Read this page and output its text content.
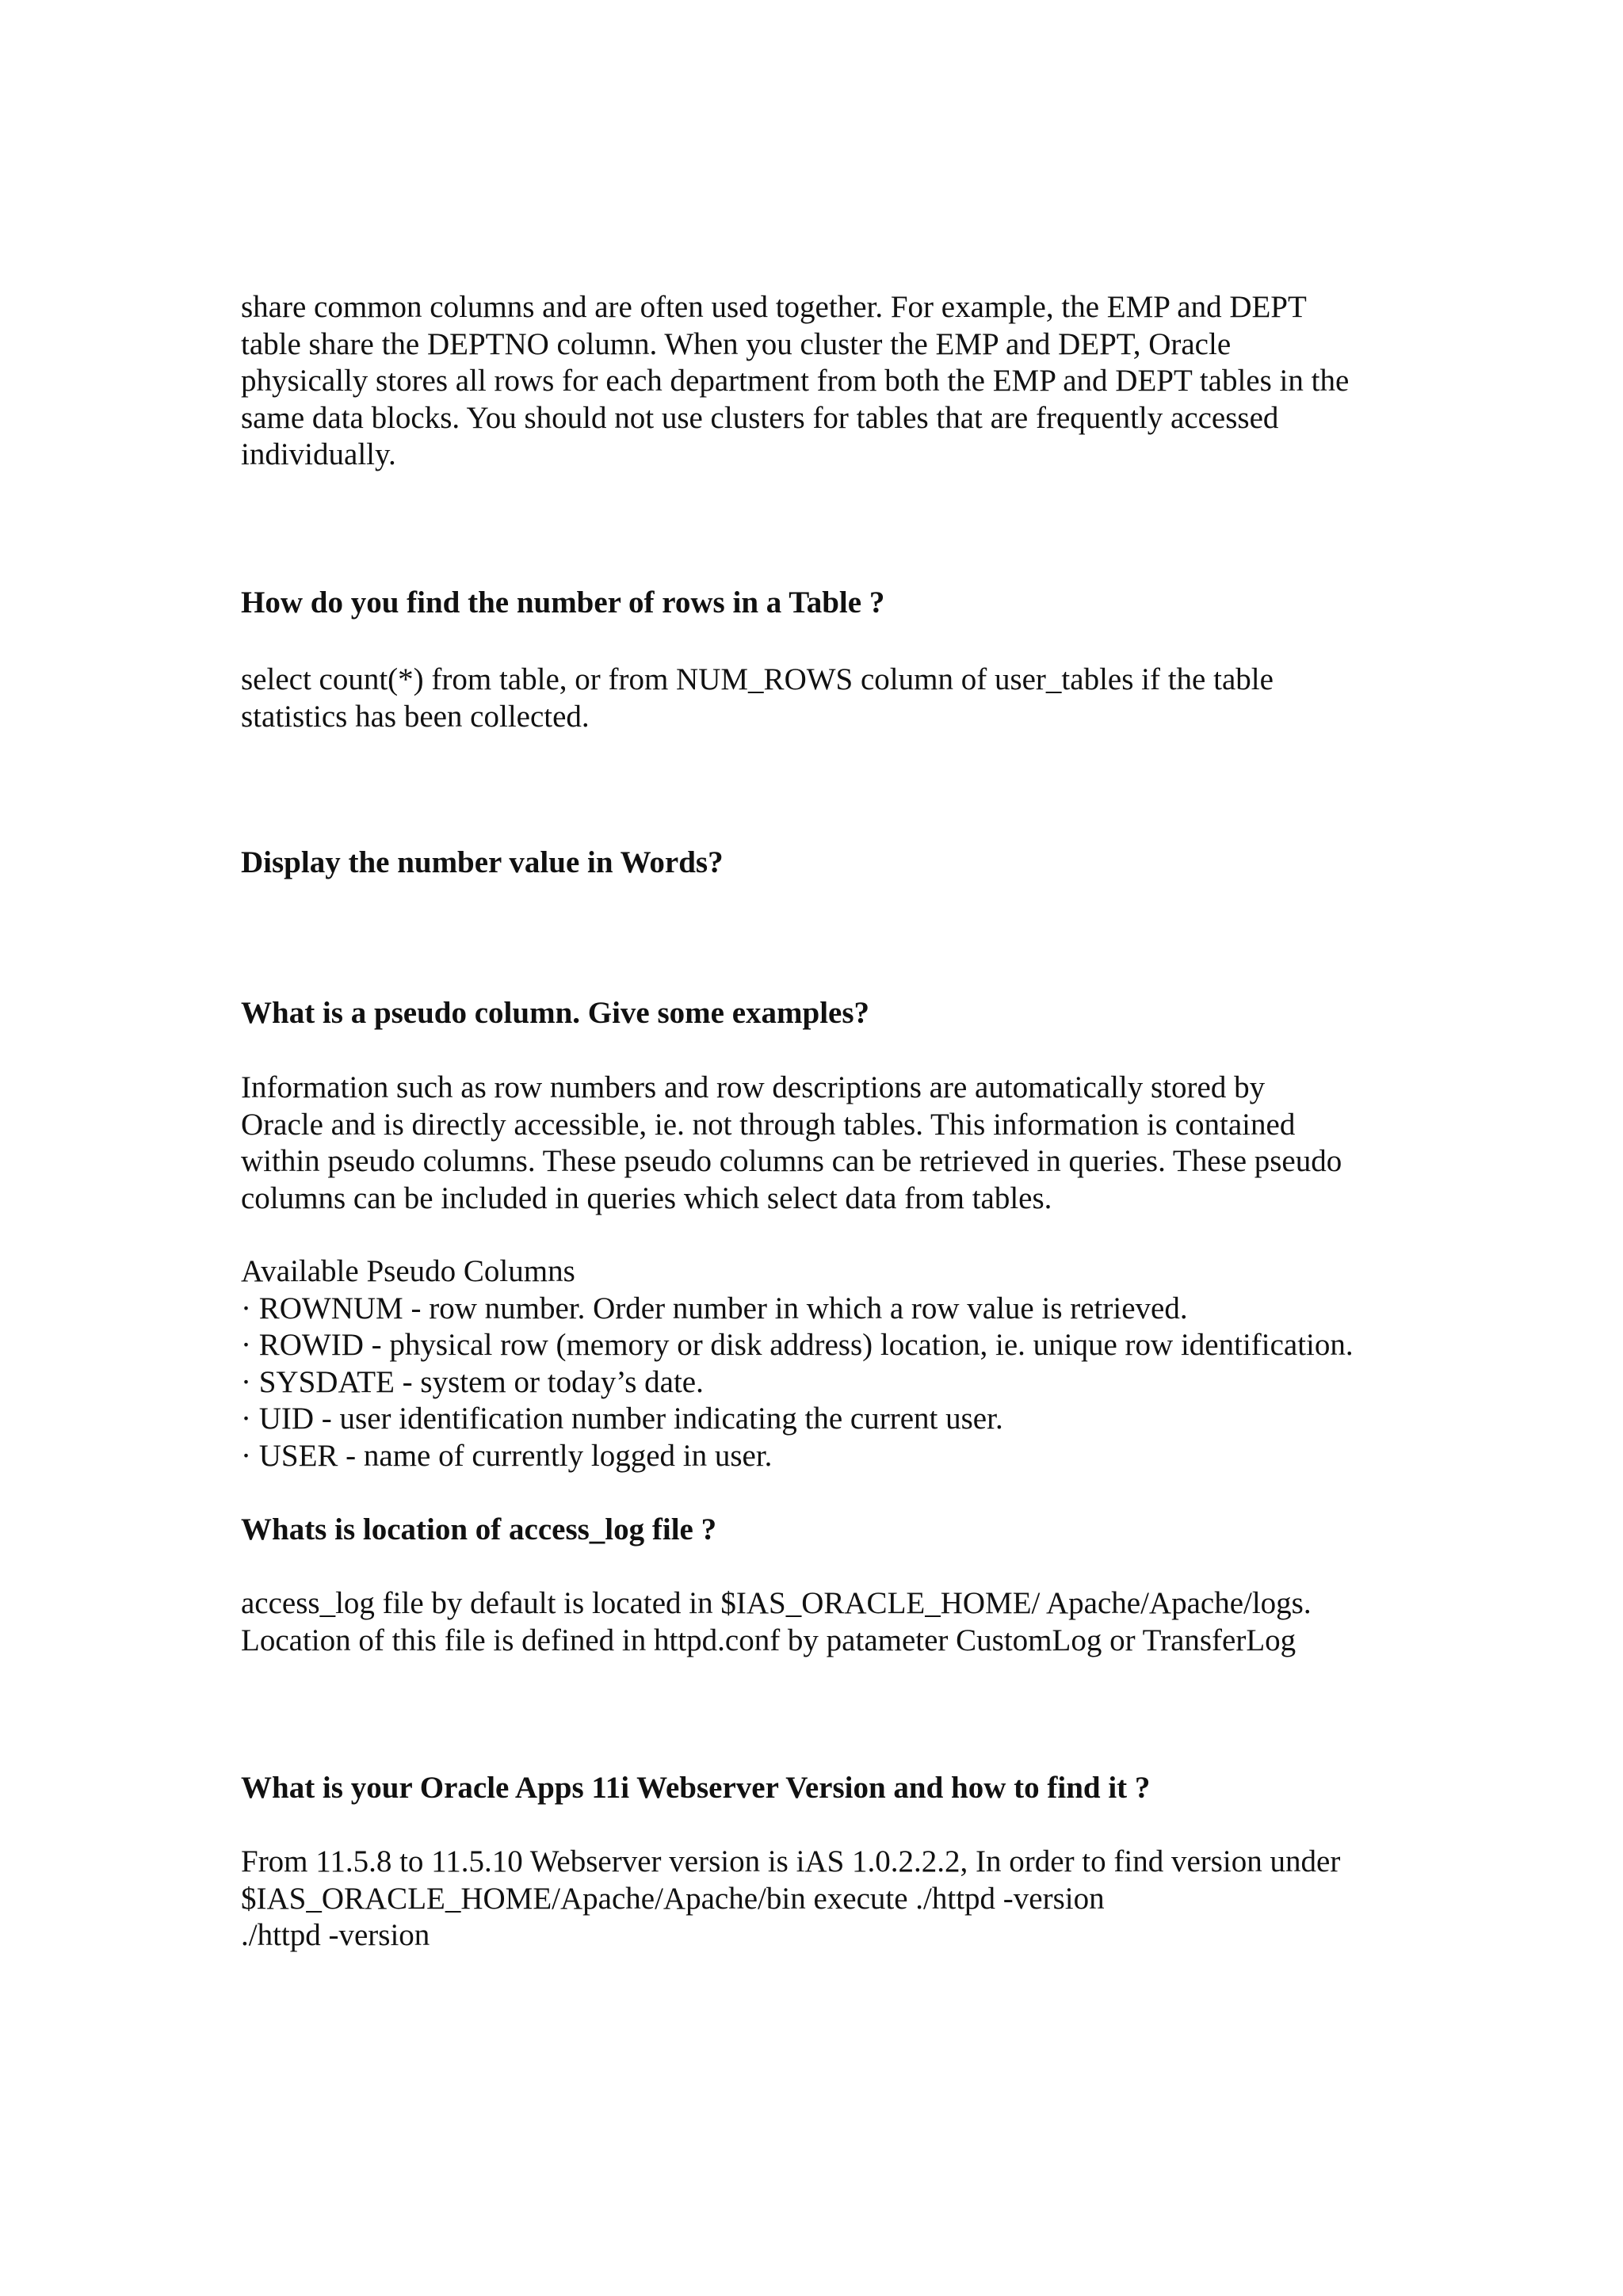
share common columns and are often used together. For example, the EMP and DEPT
table share the DEPTNO column. When you cluster the EMP and DEPT, Oracle
physically stores all rows for each department from both the EMP and DEPT tables in the
same data blocks. You should not use clusters for tables that are frequently accessed
individually.

How do you find the number of rows in a Table ?

select count(*) from table, or from NUM_ROWS column of user_tables if the table
statistics has been collected.

Display the number value in Words?

What is a pseudo column. Give some examples?

Information such as row numbers and row descriptions are automatically stored by
Oracle and is directly accessible, ie. not through tables. This information is contained
within pseudo columns. These pseudo columns can be retrieved in queries. These pseudo
columns can be included in queries which select data from tables.

Available Pseudo Columns
· ROWNUM - row number. Order number in which a row value is retrieved.
· ROWID - physical row (memory or disk address) location, ie. unique row identification.
· SYSDATE - system or today’s date.
· UID - user identification number indicating the current user.
· USER - name of currently logged in user.

Whats is location of access_log file ?

access_log file by default is located in $IAS_ORACLE_HOME/ Apache/Apache/logs.
Location of this file is defined in httpd.conf by patameter CustomLog or TransferLog

What is your Oracle Apps 11i Webserver Version and how to find it ?

From 11.5.8 to 11.5.10 Webserver version is iAS 1.0.2.2.2, In order to find version under
$IAS_ORACLE_HOME/Apache/Apache/bin execute ./httpd -version
./httpd -version
